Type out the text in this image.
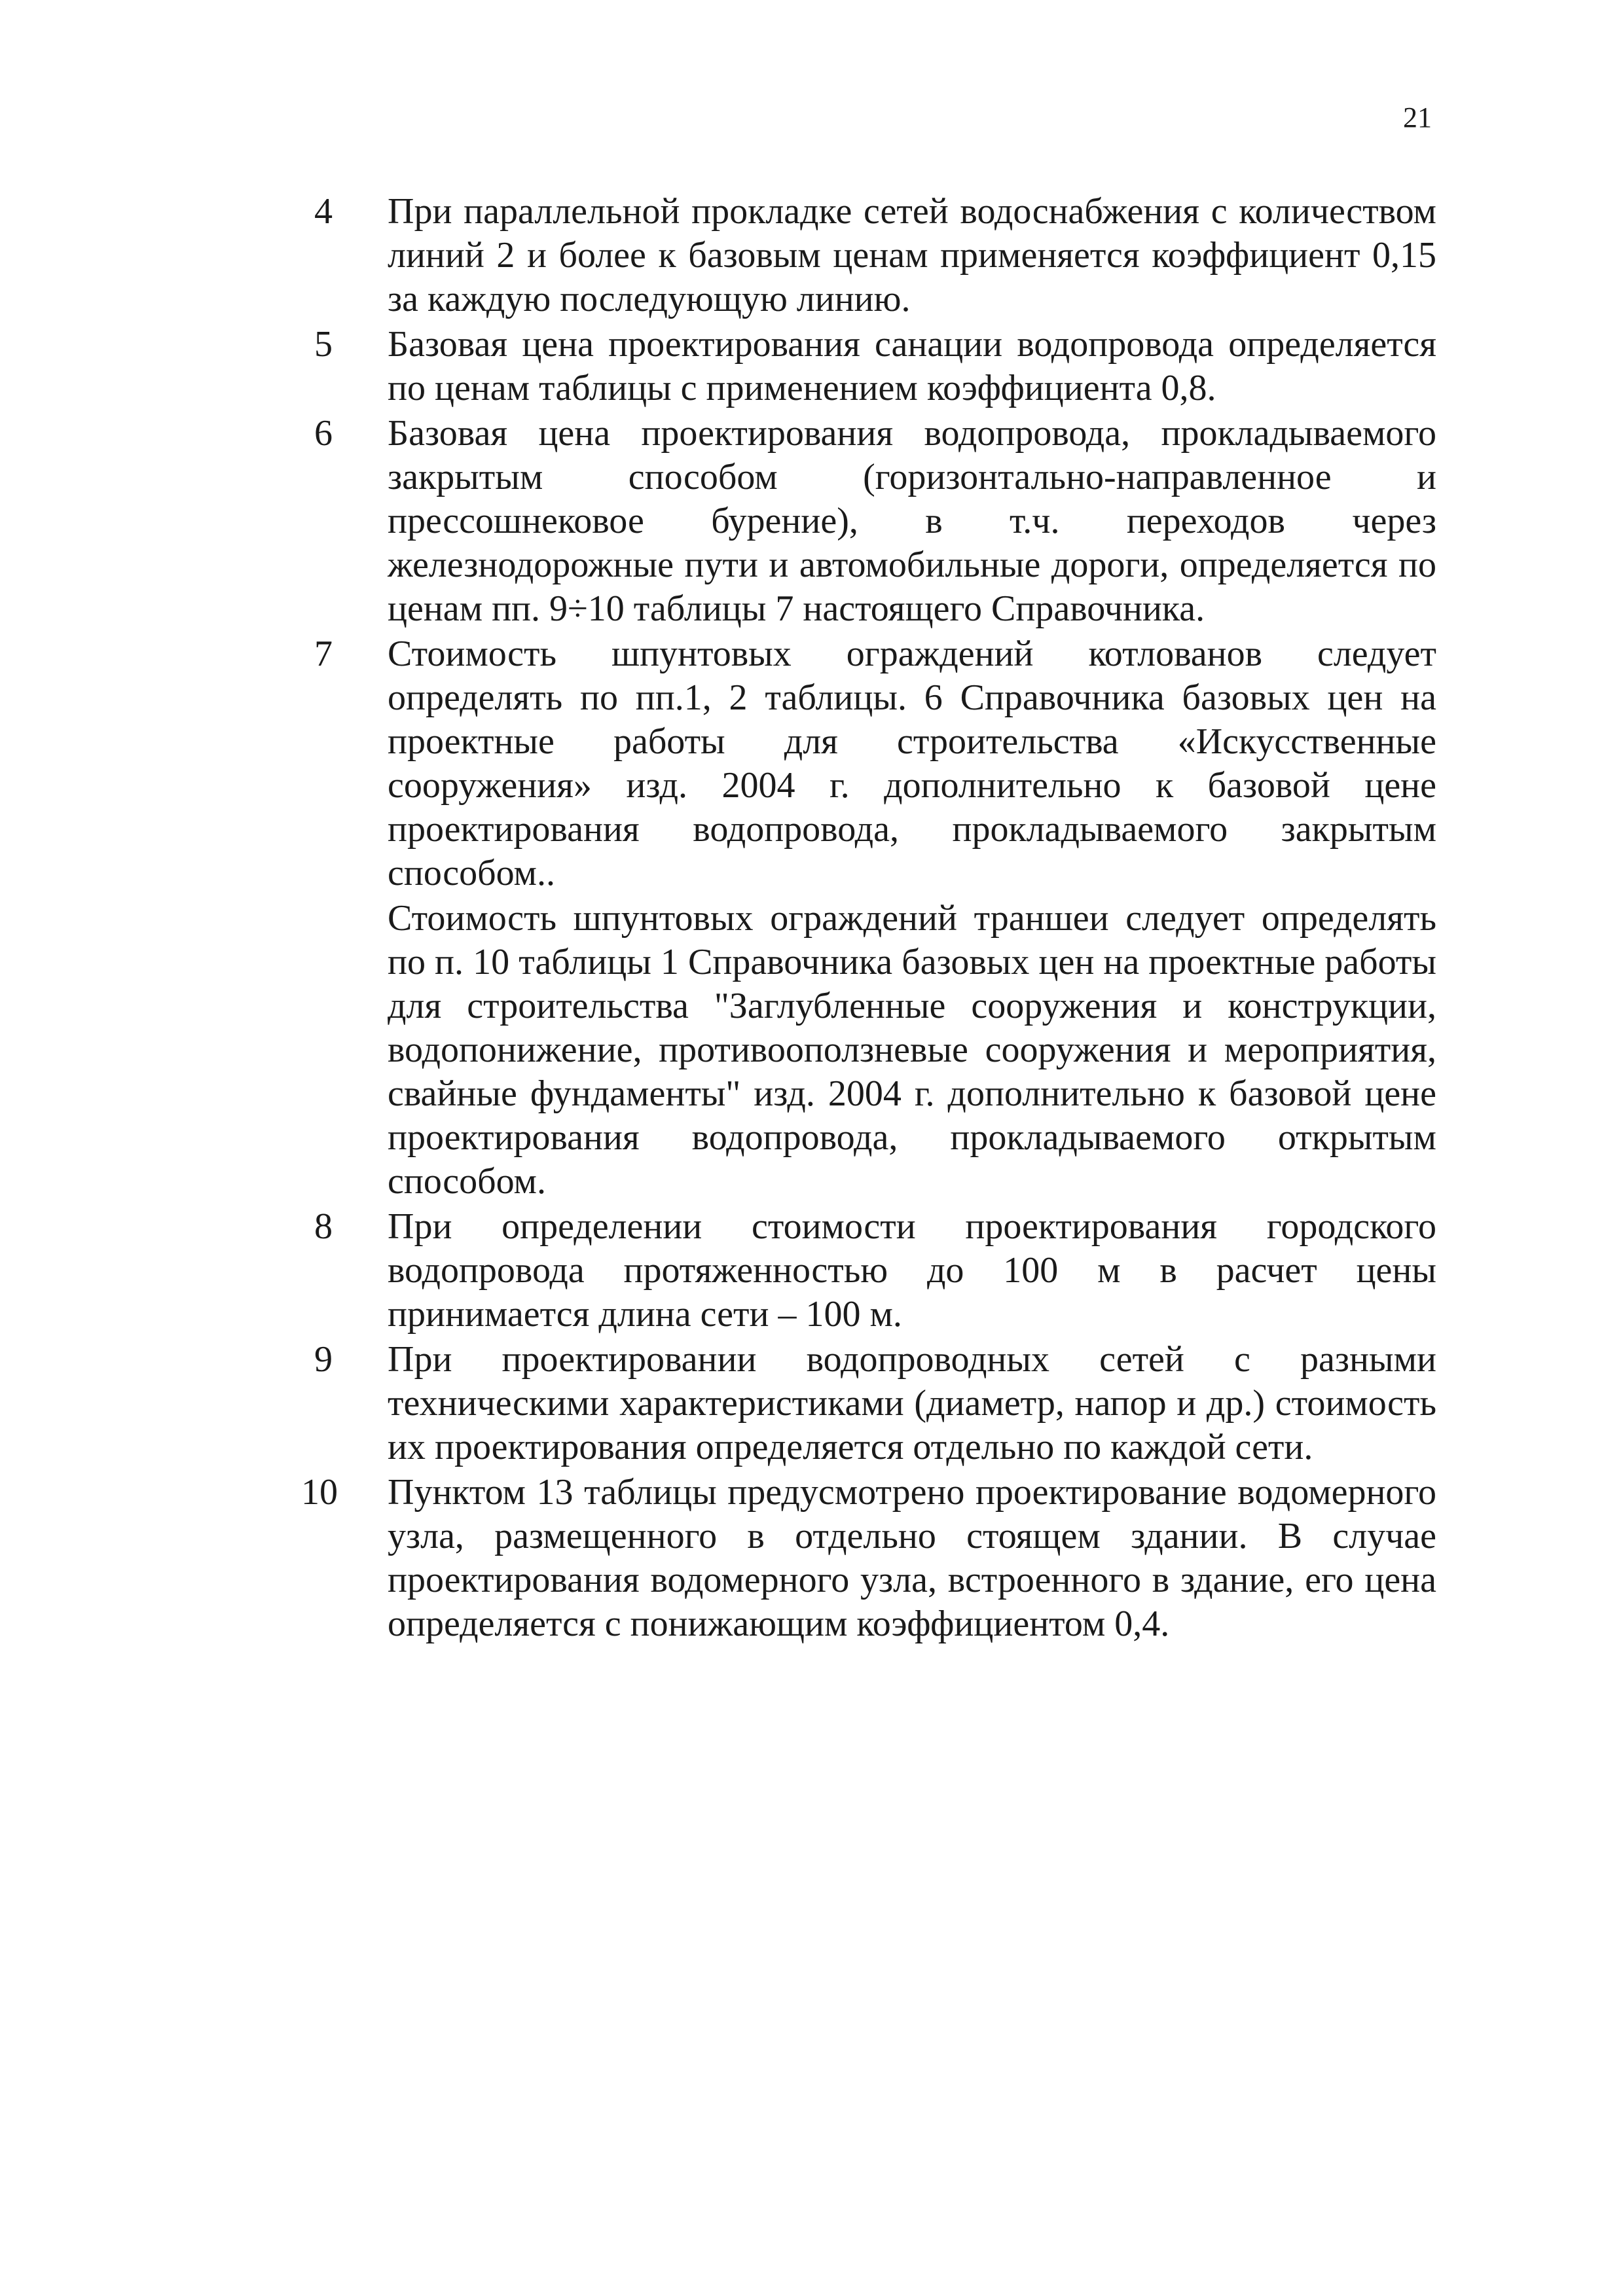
21
4	При параллельной прокладке сетей водоснабжения с количеством линий 2 и более к базовым ценам применяется коэффициент 0,15 за каждую последующую линию.
5	Базовая цена проектирования санации водопровода определяется по ценам таблицы с применением коэффициента 0,8.
6	Базовая цена проектирования водопровода, прокладываемого закрытым способом (горизонтально-направленное и прессошнековое бурение), в т.ч. переходов через железнодорожные пути и автомобильные дороги, определяется по ценам пп. 9÷10 таблицы 7 настоящего Справочника.
7	Стоимость шпунтовых ограждений котлованов следует определять по пп.1, 2 таблицы. 6 Справочника базовых цен на проектные работы для строительства «Искусственные сооружения» изд. 2004 г. дополнительно к базовой цене проектирования водопровода, прокладываемого закрытым способом..
Стоимость шпунтовых ограждений траншеи следует определять по п. 10 таблицы 1 Справочника базовых цен на проектные работы для строительства "Заглубленные сооружения и конструкции, водопонижение, противооползневые сооружения и мероприятия, свайные фундаменты" изд. 2004 г. дополнительно к базовой цене проектирования водопровода, прокладываемого открытым способом.
8	При определении стоимости проектирования городского водопровода протяженностью до 100 м в расчет цены принимается длина сети – 100 м.
9	При проектировании водопроводных сетей с разными техническими характеристиками (диаметр, напор и др.) стоимость их проектирования определяется отдельно по каждой сети.
10	Пунктом 13 таблицы предусмотрено проектирование водомерного узла, размещенного в отдельно стоящем здании. В случае проектирования водомерного узла, встроенного в здание, его цена определяется с понижающим коэффициентом 0,4.
